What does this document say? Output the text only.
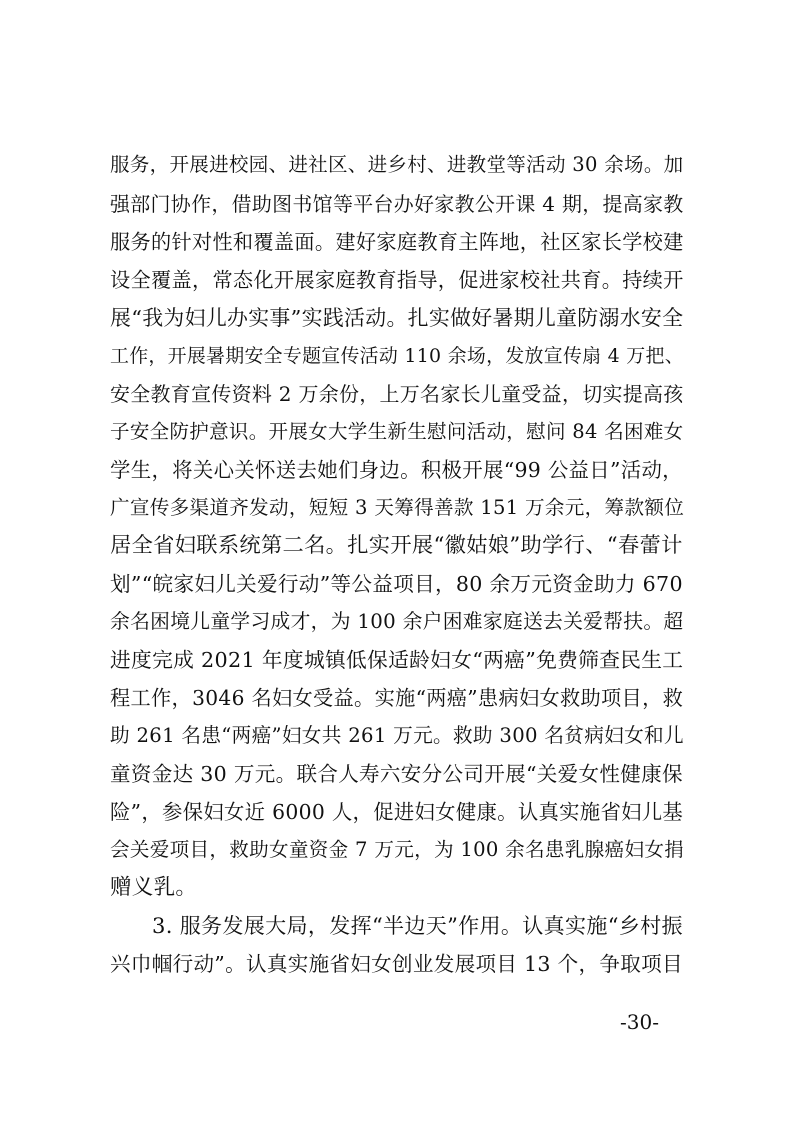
服务，开展进校园、进社区、进乡村、进教堂等活动 30 余场。加
强部门协作，借助图书馆等平台办好家教公开课 4 期，提高家教
服务的针对性和覆盖面。建好家庭教育主阵地，社区家长学校建
设全覆盖，常态化开展家庭教育指导，促进家校社共育。持续开
展“我为妇儿办实事”实践活动。扎实做好暑期儿童防溺水安全
工作，开展暑期安全专题宣传活动 110 余场，发放宣传扇 4 万把、
安全教育宣传资料 2 万余份，上万名家长儿童受益，切实提高孩
子安全防护意识。开展女大学生新生慰问活动，慰问 84 名困难女
学生，将关心关怀送去她们身边。积极开展“99 公益日”活动，
广宣传多渠道齐发动，短短 3 天筹得善款 151 万余元，筹款额位
居全省妇联系统第二名。扎实开展“徽姑娘”助学行、“春蕾计
划”“皖家妇儿关爱行动”等公益项目，80 余万元资金助力 670
余名困境儿童学习成才，为 100 余户困难家庭送去关爱帮扶。超
进度完成 2021 年度城镇低保适龄妇女“两癌”免费筛查民生工
程工作，3046 名妇女受益。实施“两癌”患病妇女救助项目，救
助 261 名患“两癌”妇女共 261 万元。救助 300 名贫病妇女和儿
童资金达 30 万元。联合人寿六安分公司开展“关爱女性健康保
险”，参保妇女近 6000 人，促进妇女健康。认真实施省妇儿基
会关爱项目，救助女童资金 7 万元，为 100 余名患乳腺癌妇女捐
赠义乳。
3. 服务发展大局，发挥“半边天”作用。认真实施“乡村振
兴巾帼行动”。认真实施省妇女创业发展项目 13 个，争取项目
-30-
